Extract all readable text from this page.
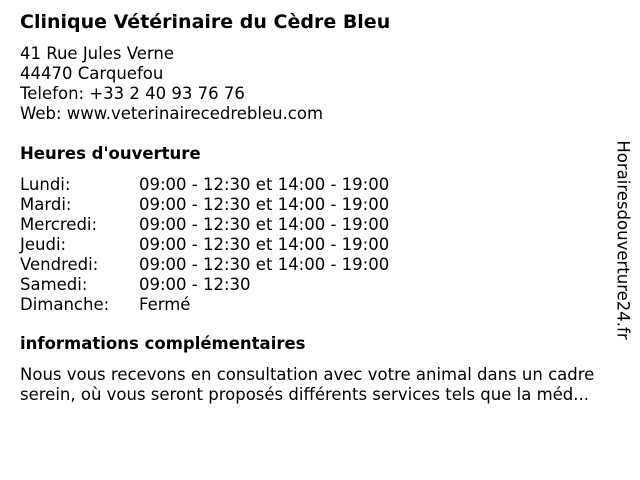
Clinique Vétérinaire du Cèdre Bleu
41 Rue Jules Verne
44470 Carquefou
Telefon: +33 2 40 93 76 76
Web: www.veterinairecedrebleu.com
Heures d'ouverture
Lundi:	09:00 - 12:30 et 14:00 - 19:00
Mardi:	09:00 - 12:30 et 14:00 - 19:00
Mercredi:	09:00 - 12:30 et 14:00 - 19:00
Jeudi:	09:00 - 12:30 et 14:00 - 19:00
Vendredi:	09:00 - 12:30 et 14:00 - 19:00
Samedi:	09:00 - 12:30
Dimanche:	Fermé
informations complémentaires
Nous vous recevons en consultation avec votre animal dans un cadre
serein, où vous seront proposés différents services tels que la méd...
Horairesdouverture24.fr
